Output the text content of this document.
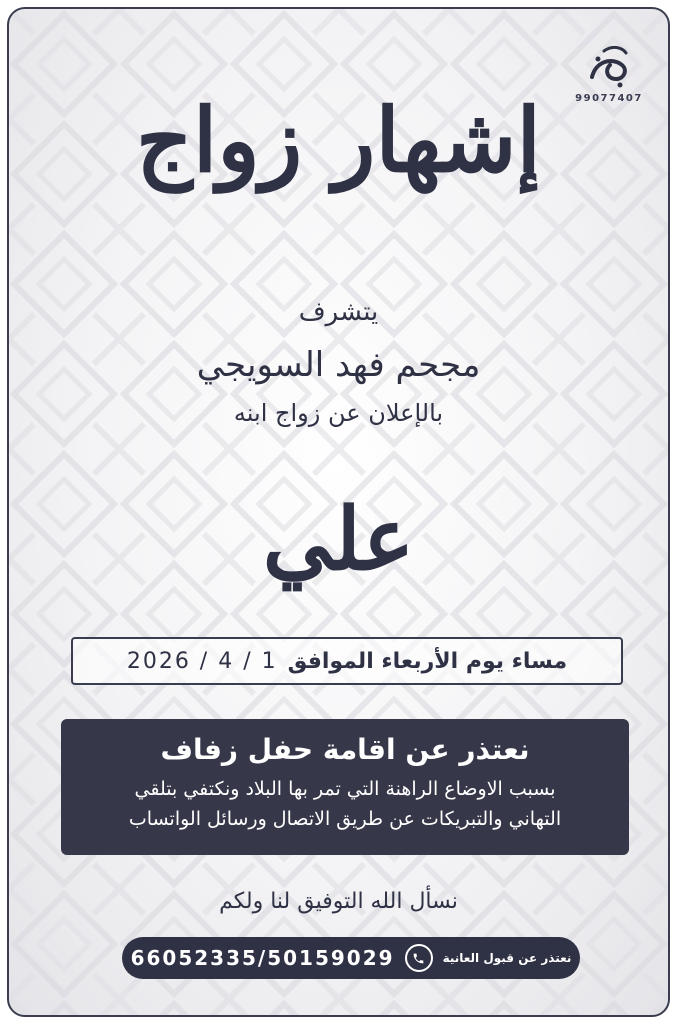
99077407
إشهار زواج
يتشرف
مجحم فهد السويجي
بالإعلان عن زواج ابنه
علي
مساء يوم الأربعاء الموافق
2026 / 4 / 1
نعتذر عن اقامة حفل زفاف
بسبب الاوضاع الراهنة التي تمر بها البلاد ونكتفي بتلقي
التهاني والتبريكات عن طريق الاتصال ورسائل الواتساب
نسأل الله التوفيق لنا ولكم
66052335/50159029	نعتذر عن قبول العانية
